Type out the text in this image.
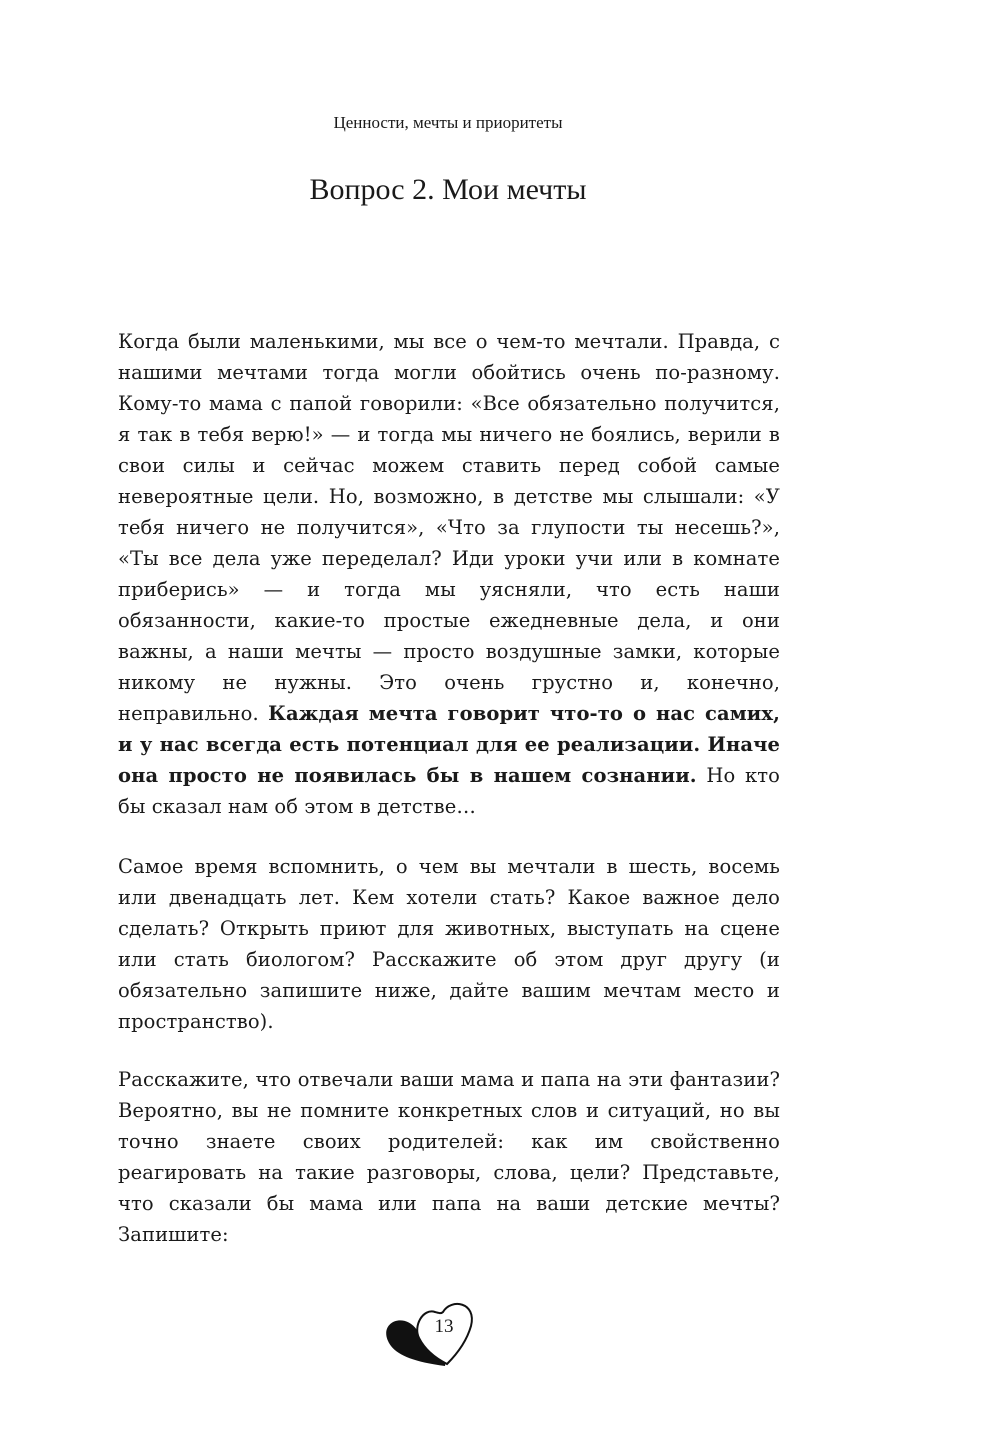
Ценности, мечты и приоритеты
Вопрос 2. Мои мечты

Когда были маленькими, мы все о чем-то мечтали. Правда, с нашими мечтами тогда могли обойтись очень по-разному. Кому-то мама с папой говорили: «Все обязательно получится, я так в тебя верю!» — и тогда мы ничего не боялись, верили в свои силы и сейчас можем ставить перед собой самые невероятные цели. Но, возможно, в детстве мы слышали: «У тебя ничего не получится», «Что за глупости ты несешь?», «Ты все дела уже переделал? Иди уроки учи или в комнате приберись» — и тогда мы уясняли, что есть наши обязанности, какие-то простые ежедневные дела, и они важны, а наши мечты — просто воздушные замки, которые никому не нужны. Это очень грустно и, конечно, неправильно. Каждая мечта говорит что-то о нас самих, и у нас всегда есть потенциал для ее реализации. Иначе она просто не появилась бы в нашем сознании. Но кто бы сказал нам об этом в детстве…

Самое время вспомнить, о чем вы мечтали в шесть, восемь или двенадцать лет. Кем хотели стать? Какое важное дело сделать? Открыть приют для животных, выступать на сцене или стать биологом? Расскажите об этом друг другу (и обязательно запишите ниже, дайте вашим мечтам место и пространство).

Расскажите, что отвечали ваши мама и папа на эти фантазии? Вероятно, вы не помните конкретных слов и ситуаций, но вы точно знаете своих родителей: как им свойственно реагировать на такие разговоры, слова, цели? Представьте, что сказали бы мама или папа на ваши детские мечты? Запишите:

13
